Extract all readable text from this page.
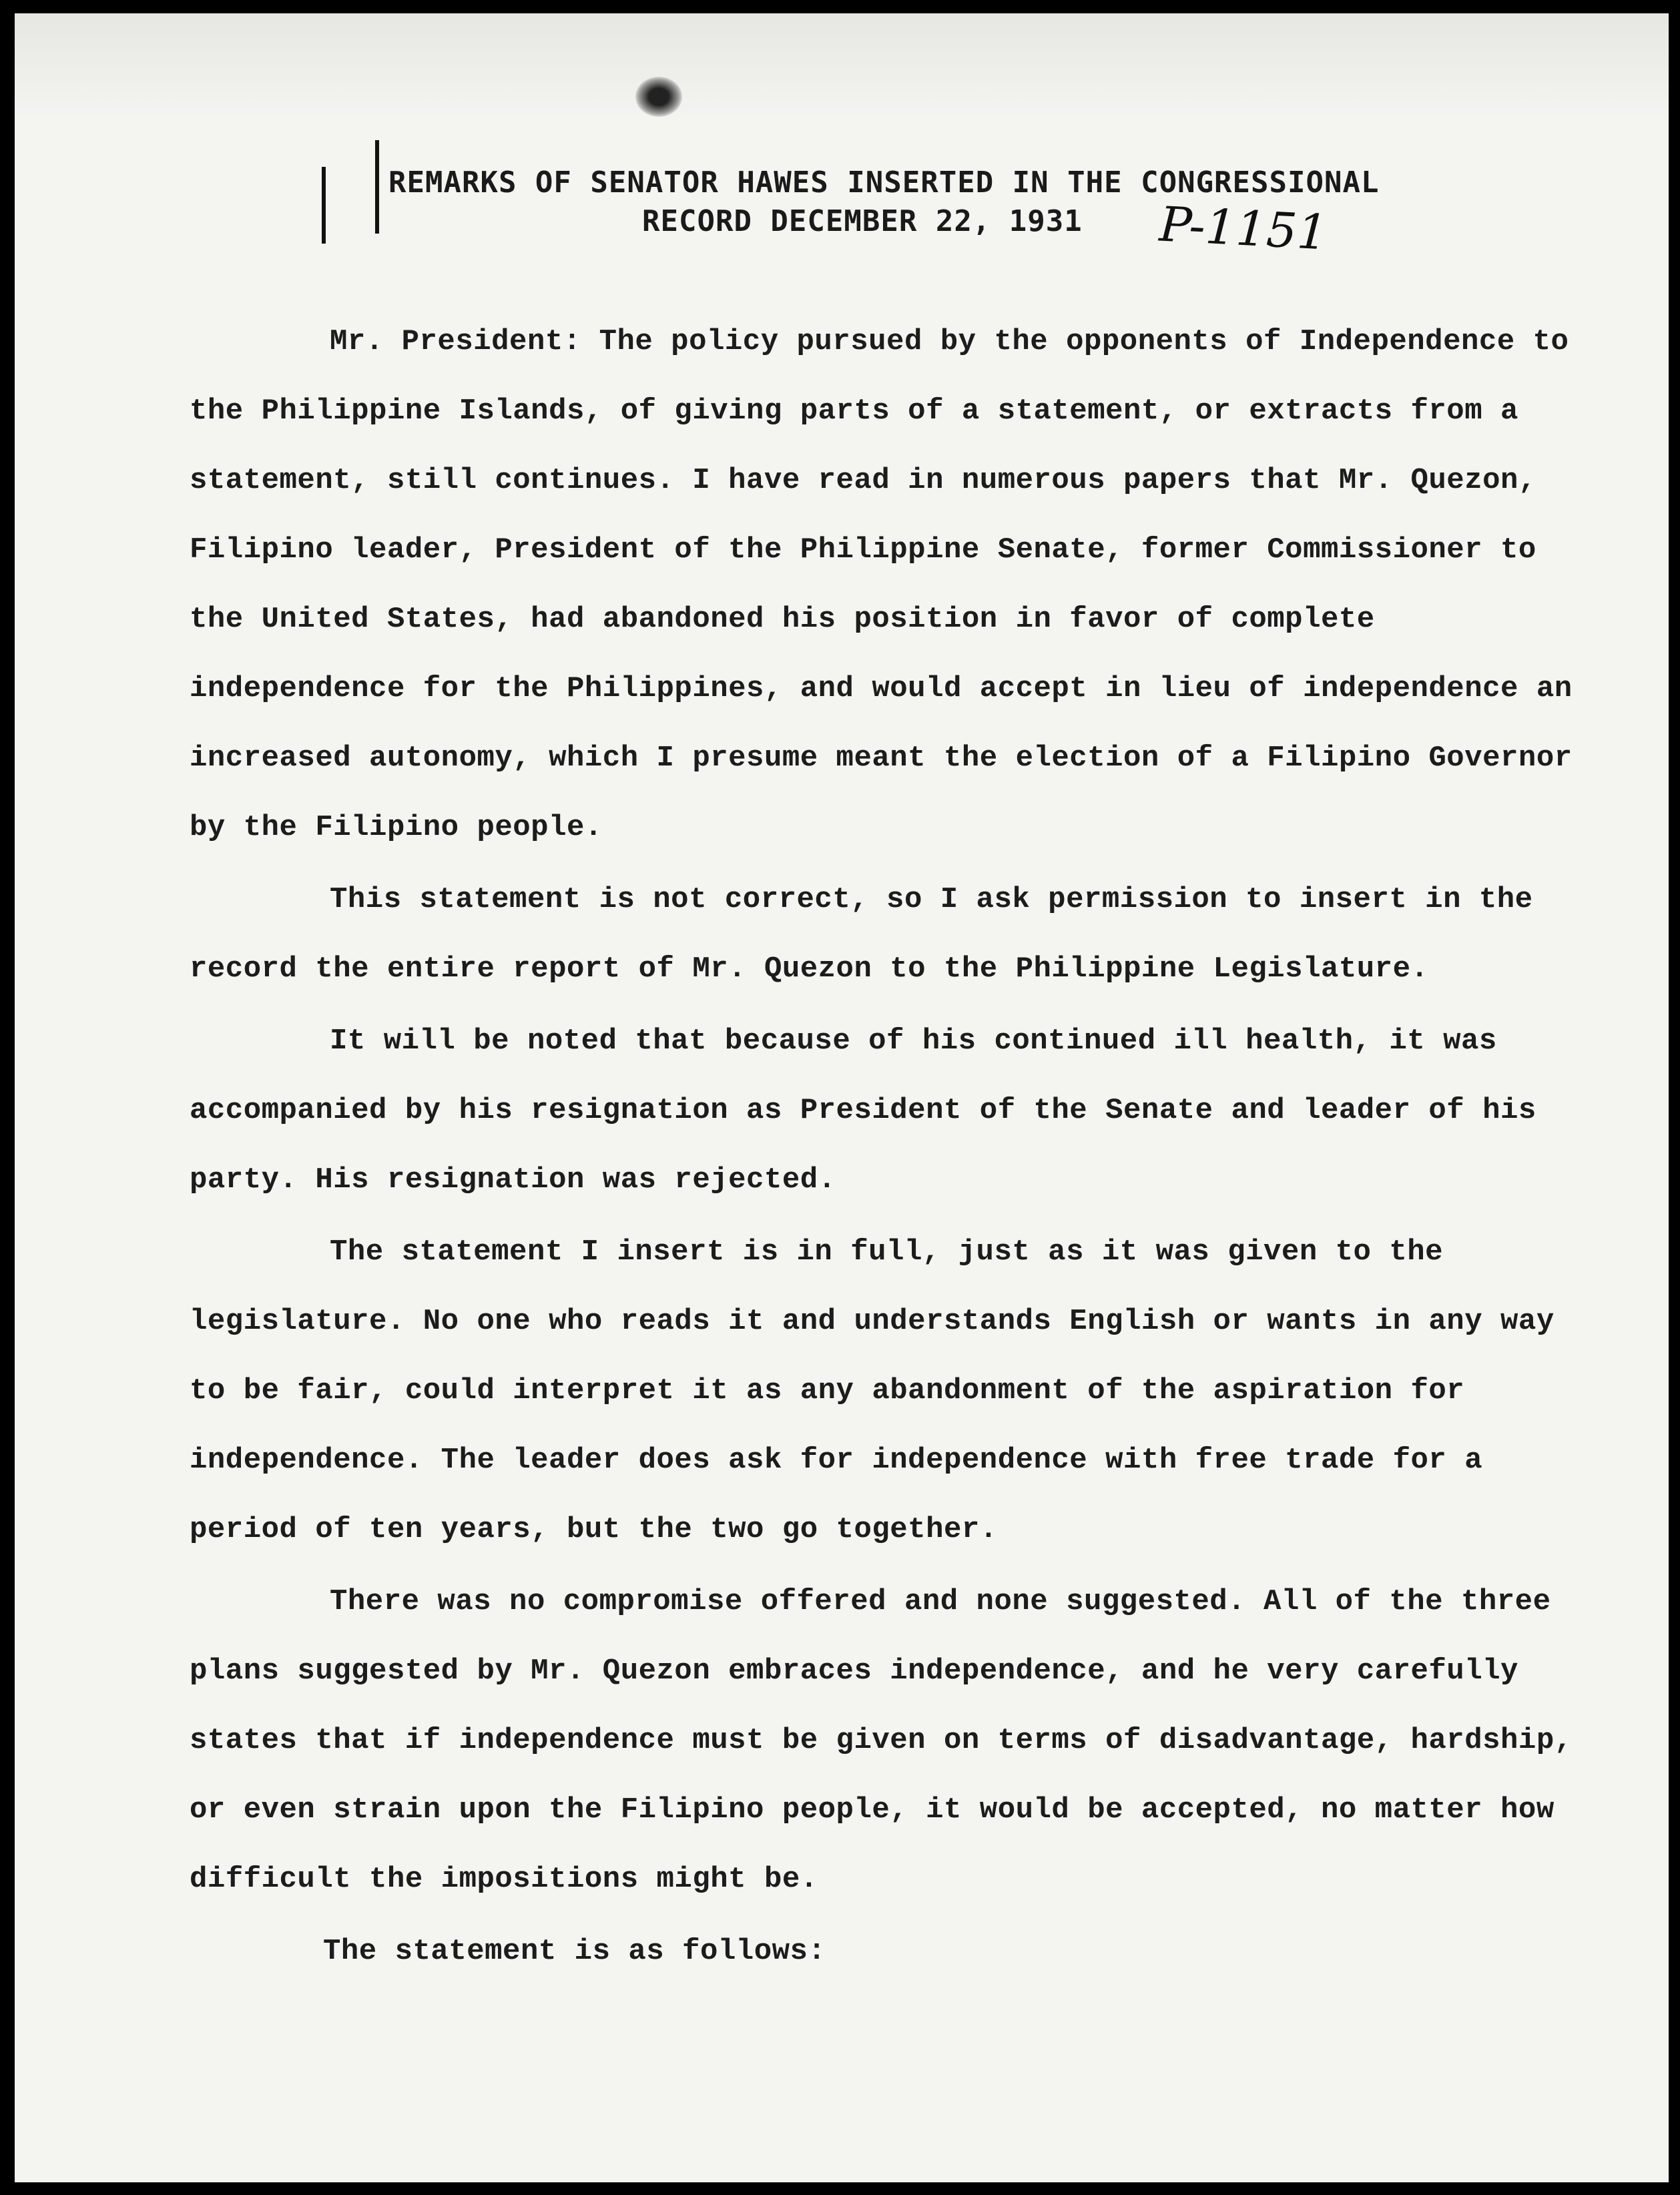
REMARKS OF SENATOR HAWES INSERTED IN THE CONGRESSIONAL
RECORD DECEMBER 22, 1931	P-1151

Mr. President: The policy pursued by the opponents of Independence to the Philippine Islands, of giving parts of a statement, or extracts from a statement, still continues. I have read in numerous papers that Mr. Quezon, Filipino leader, President of the Philippine Senate, former Commissioner to the United States, had abandoned his position in favor of complete independence for the Philippines, and would accept in lieu of independence an increased autonomy, which I presume meant the election of a Filipino Governor by the Filipino people.

This statement is not correct, so I ask permission to insert in the record the entire report of Mr. Quezon to the Philippine Legislature.

It will be noted that because of his continued ill health, it was accompanied by his resignation as President of the Senate and leader of his party. His resignation was rejected.

The statement I insert is in full, just as it was given to the legislature. No one who reads it and understands English or wants in any way to be fair, could interpret it as any abandonment of the aspiration for independence. The leader does ask for independence with free trade for a period of ten years, but the two go together.

There was no compromise offered and none suggested. All of the three plans suggested by Mr. Quezon embraces independence, and he very carefully states that if independence must be given on terms of disadvantage, hardship, or even strain upon the Filipino people, it would be accepted, no matter how difficult the impositions might be.

The statement is as follows:
